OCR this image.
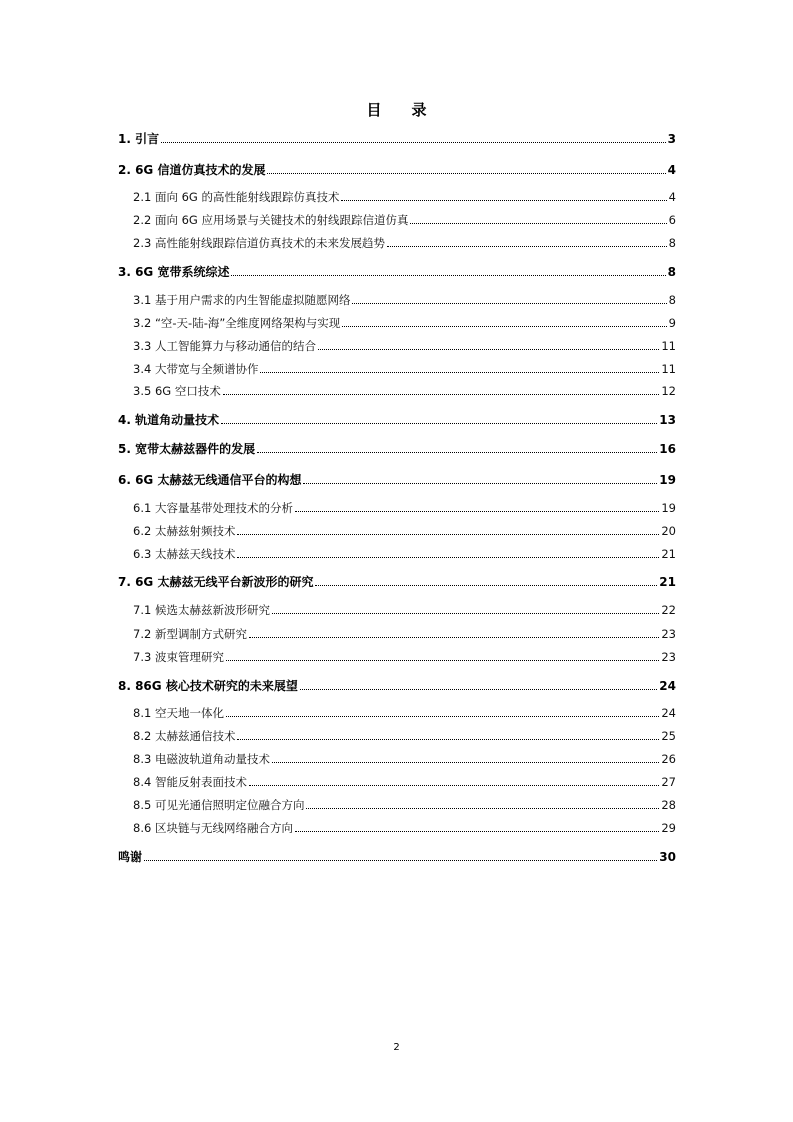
目 录
1. 引言	3
2. 6G 信道仿真技术的发展	4
2.1 面向 6G 的高性能射线跟踪仿真技术	4
2.2 面向 6G 应用场景与关键技术的射线跟踪信道仿真	6
2.3 高性能射线跟踪信道仿真技术的未来发展趋势	8
3. 6G 宽带系统综述	8
3.1 基于用户需求的内生智能虚拟随愿网络	8
3.2 “空-天-陆-海”全维度网络架构与实现	9
3.3 人工智能算力与移动通信的结合	11
3.4 大带宽与全频谱协作	11
3.5 6G 空口技术	12
4. 轨道角动量技术	13
5. 宽带太赫兹器件的发展	16
6. 6G 太赫兹无线通信平台的构想	19
6.1 大容量基带处理技术的分析	19
6.2 太赫兹射频技术	20
6.3 太赫兹天线技术	21
7. 6G 太赫兹无线平台新波形的研究	21
7.1 候选太赫兹新波形研究	22
7.2 新型调制方式研究	23
7.3 波束管理研究	23
8. 86G 核心技术研究的未来展望	24
8.1 空天地一体化	24
8.2 太赫兹通信技术	25
8.3 电磁波轨道角动量技术	26
8.4 智能反射表面技术	27
8.5 可见光通信照明定位融合方向	28
8.6 区块链与无线网络融合方向	29
鸣谢	30
2
